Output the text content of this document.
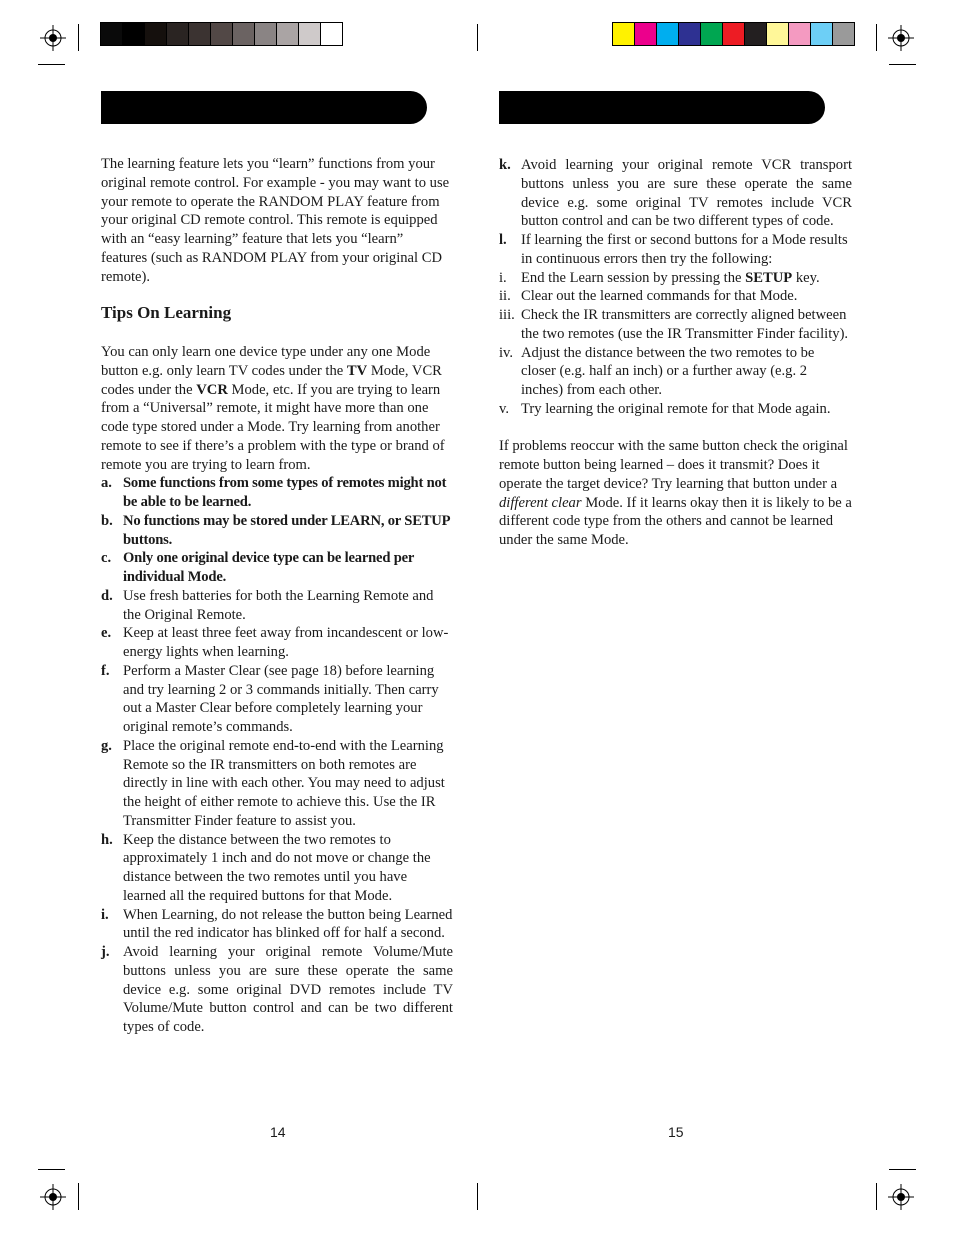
The learning feature lets you “learn” functions from your original remote control. For example - you may want to use your remote to operate the RANDOM PLAY feature from your original CD remote control. This remote is equipped with an “easy learning” feature that lets you “learn” features (such as RANDOM PLAY from your original CD remote).

Tips On Learning

You can only learn one device type under any one Mode button e.g. only learn TV codes under the TV Mode, VCR codes under the VCR Mode, etc. If you are trying to learn from a “Universal” remote, it might have more than one code type stored under a Mode. Try learning from another remote to see if there’s a problem with the type or brand of remote you are trying to learn from.

a. Some functions from some types of remotes might not be able to be learned.
b. No functions may be stored under LEARN, or SETUP buttons.
c. Only one original device type can be learned per individual Mode.
d. Use fresh batteries for both the Learning Remote and the Original Remote.
e. Keep at least three feet away from incandescent or low-energy lights when learning.
f. Perform a Master Clear (see page 18) before learning and try learning 2 or 3 commands initially. Then carry out a Master Clear before completely learning your original remote’s commands.
g. Place the original remote end-to-end with the Learning Remote so the IR transmitters on both remotes are directly in line with each other. You may need to adjust the height of either remote to achieve this. Use the IR Transmitter Finder feature to assist you.
h. Keep the distance between the two remotes to approximately 1 inch and do not move or change the distance between the two remotes until you have learned all the required buttons for that Mode.
i. When Learning, do not release the button being Learned until the red indicator has blinked off for half a second.
j. Avoid learning your original remote Volume/Mute buttons unless you are sure these operate the same device e.g. some original DVD remotes include TV Volume/Mute button control and can be two different types of code.
k. Avoid learning your original remote VCR transport buttons unless you are sure these operate the same device e.g. some original TV remotes include VCR button control and can be two different types of code.
l. If learning the first or second buttons for a Mode results in continuous errors then try the following:
i. End the Learn session by pressing the SETUP key.
ii. Clear out the learned commands for that Mode.
iii. Check the IR transmitters are correctly aligned between the two remotes (use the IR Transmitter Finder facility).
iv. Adjust the distance between the two remotes to be closer (e.g. half an inch) or a further away (e.g. 2 inches) from each other.
v. Try learning the original remote for that Mode again.

If problems reoccur with the same button check the original remote button being learned – does it transmit? Does it operate the target device? Try learning that button under a different clear Mode. If it learns okay then it is likely to be a different code type from the others and cannot be learned under the same Mode.

14	15
